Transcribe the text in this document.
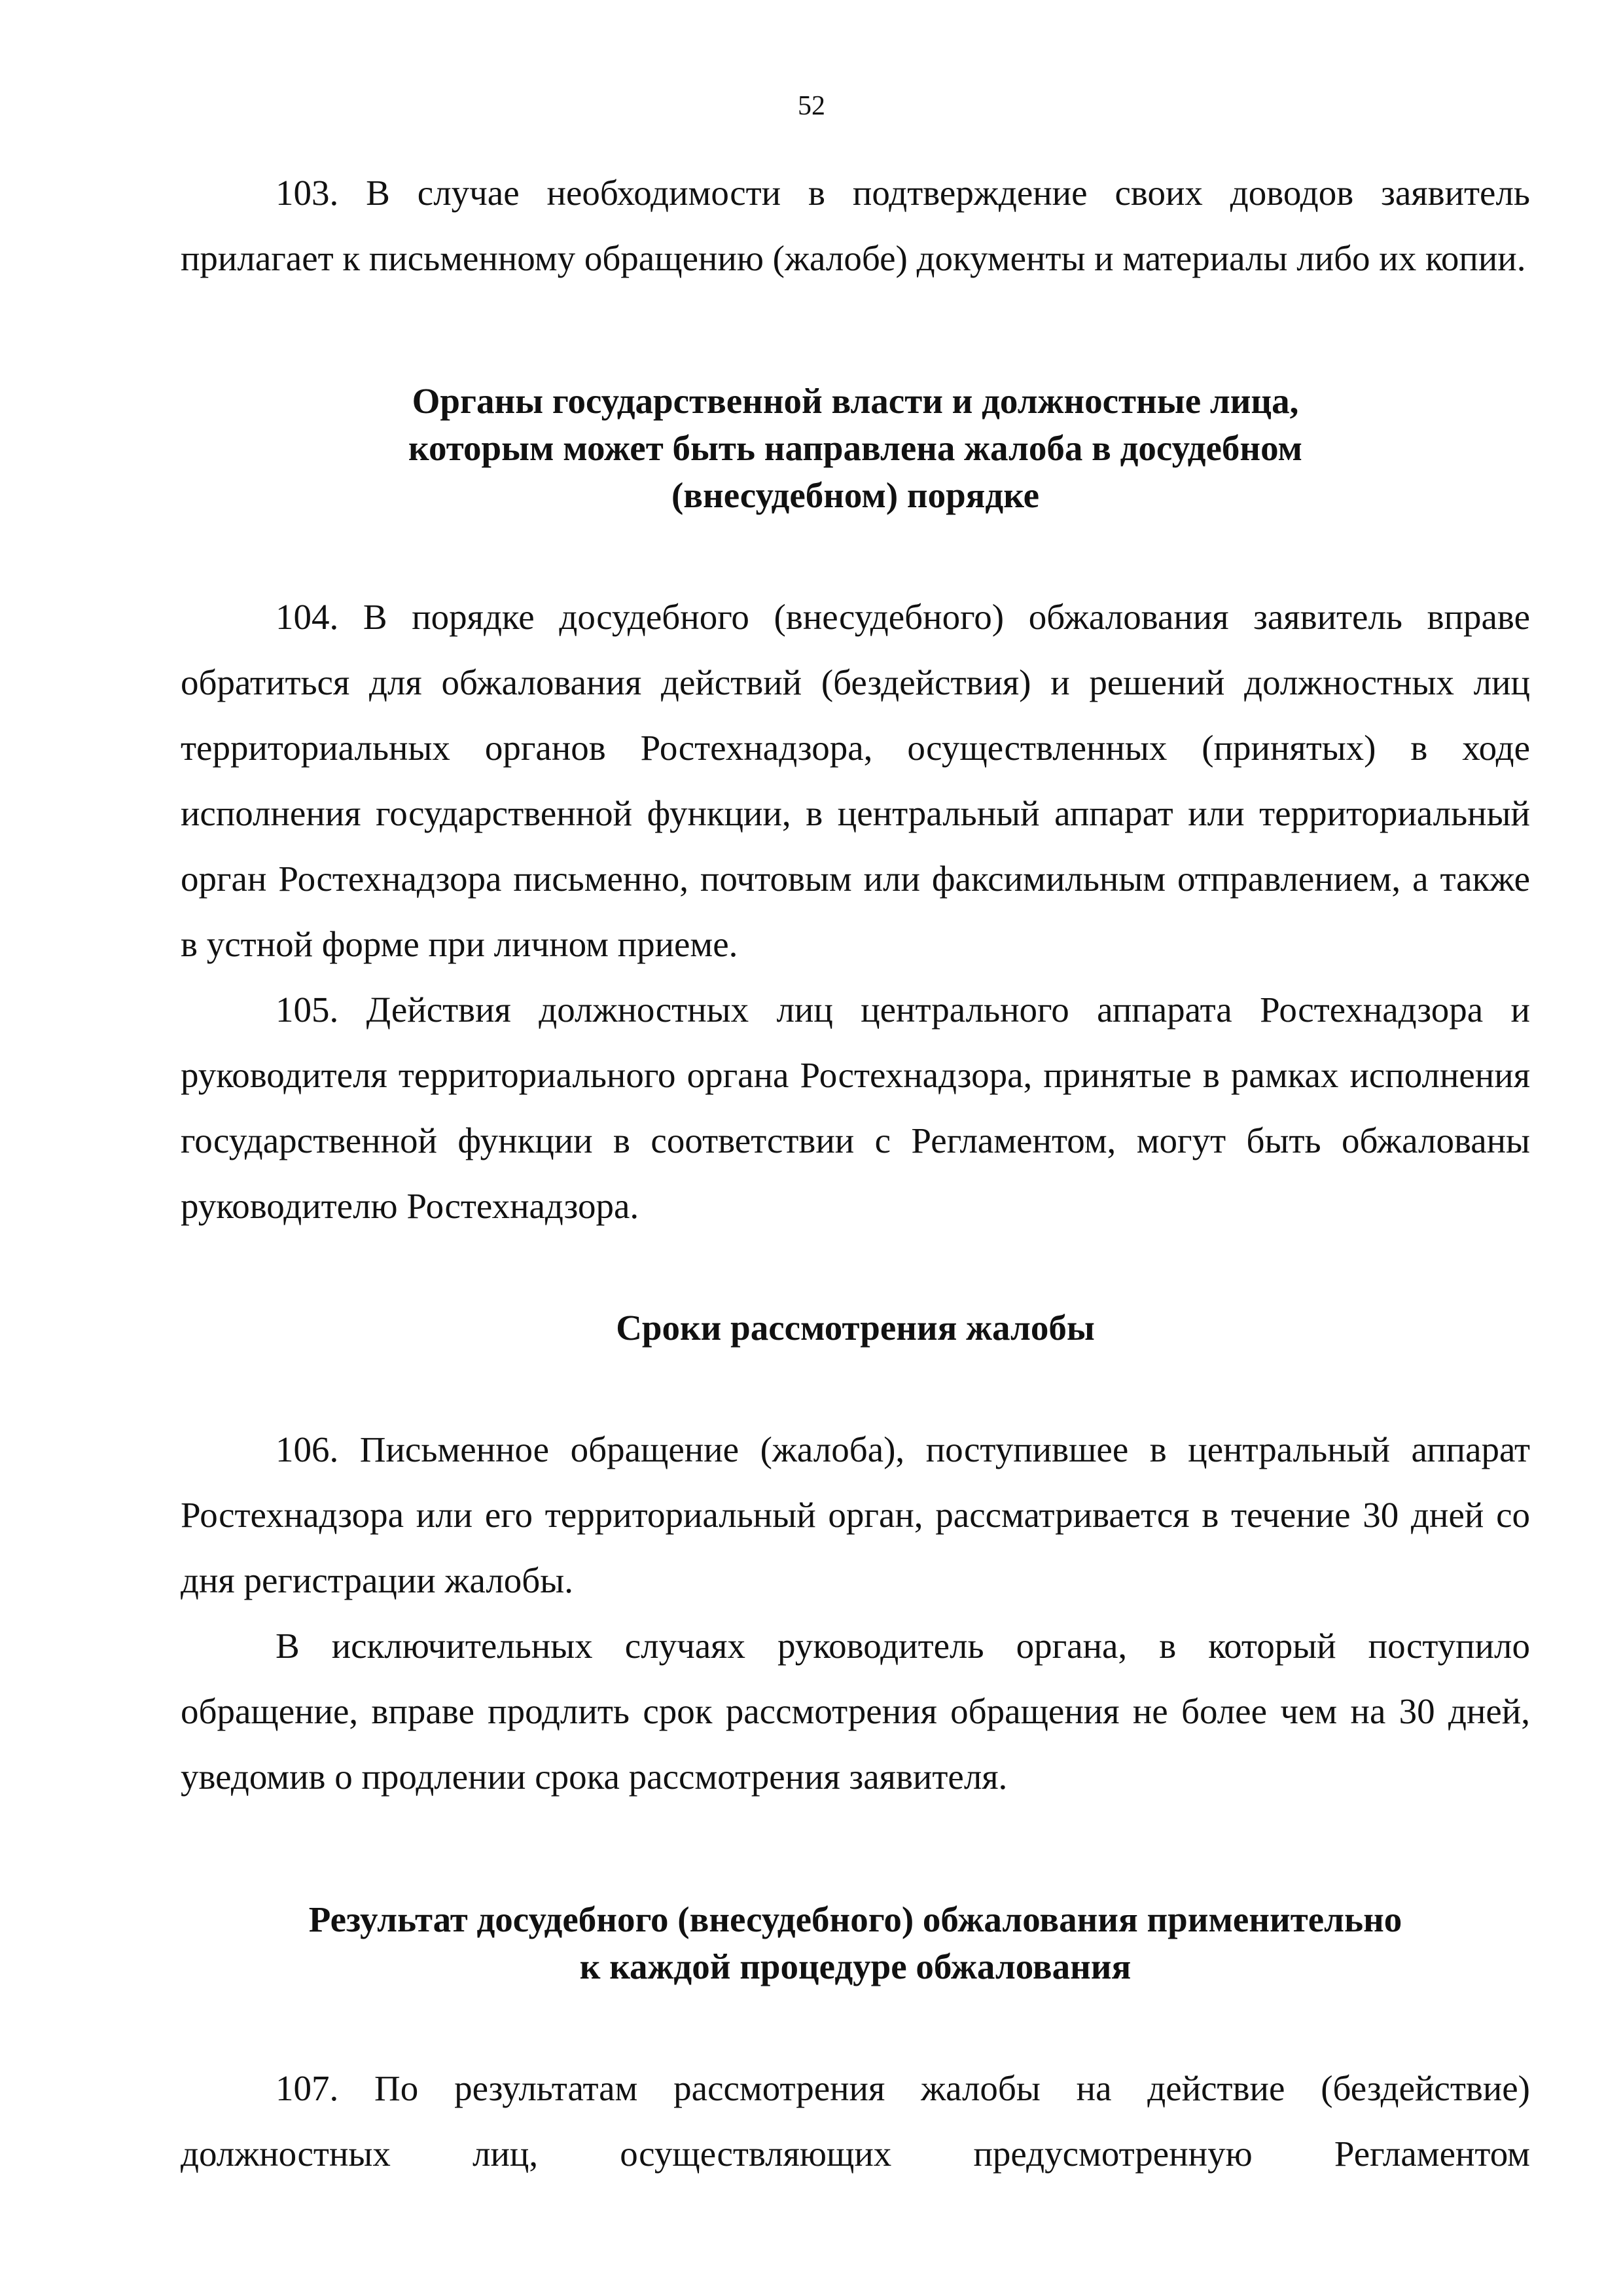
52

103. В случае необходимости в подтверждение своих доводов заявитель прилагает к письменному обращению (жалобе) документы и материалы либо их копии.

Органы государственной власти и должностные лица,
которым может быть направлена жалоба в досудебном
(внесудебном) порядке

104. В порядке досудебного (внесудебного) обжалования заявитель вправе обратиться для обжалования действий (бездействия) и решений должностных лиц территориальных органов Ростехнадзора, осуществленных (принятых) в ходе исполнения государственной функции, в центральный аппарат или территориальный орган Ростехнадзора письменно, почтовым или факсимильным отправлением, а также в устной форме при личном приеме.

105. Действия должностных лиц центрального аппарата Ростехнадзора и руководителя территориального органа Ростехнадзора, принятые в рамках исполнения государственной функции в соответствии с Регламентом, могут быть обжалованы руководителю Ростехнадзора.

Сроки рассмотрения жалобы

106. Письменное обращение (жалоба), поступившее в центральный аппарат Ростехнадзора или его территориальный орган, рассматривается в течение 30 дней со дня регистрации жалобы.

В исключительных случаях руководитель органа, в который поступило обращение, вправе продлить срок рассмотрения обращения не более чем на 30 дней, уведомив о продлении срока рассмотрения заявителя.

Результат досудебного (внесудебного) обжалования применительно
к каждой процедуре обжалования

107. По результатам рассмотрения жалобы на действие (бездействие) должностных лиц, осуществляющих предусмотренную Регламентом
